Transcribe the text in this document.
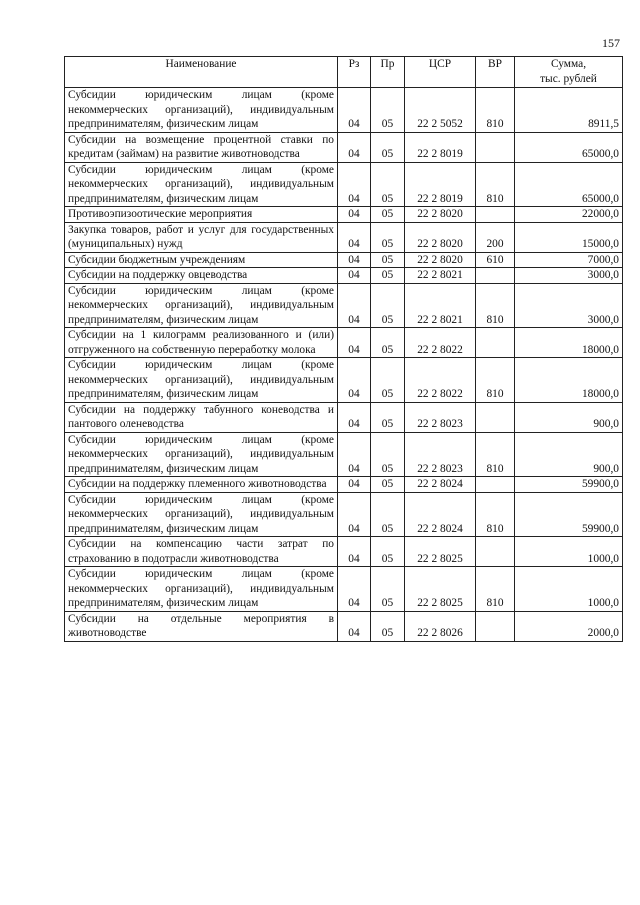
157
Наименование	Рз	Пр	ЦСР	ВР	Сумма,
тыс. рублей
Субсидии юридическим лицам (кроме некоммерческих организаций), индивидуальным предпринимателям, физическим лицам	04	05	22 2 5052	810	8911,5
Субсидии на возмещение процентной ставки по кредитам (займам) на развитие животноводства	04	05	22 2 8019		65000,0
Субсидии юридическим лицам (кроме некоммерческих организаций), индивидуальным предпринимателям, физическим лицам	04	05	22 2 8019	810	65000,0
Противоэпизоотические мероприятия	04	05	22 2 8020		22000,0
Закупка товаров, работ и услуг для государственных (муниципальных) нужд	04	05	22 2 8020	200	15000,0
Субсидии бюджетным учреждениям	04	05	22 2 8020	610	7000,0
Субсидии на поддержку овцеводства	04	05	22 2 8021		3000,0
Субсидии юридическим лицам (кроме некоммерческих организаций), индивидуальным предпринимателям, физическим лицам	04	05	22 2 8021	810	3000,0
Субсидии на 1 килограмм реализованного и (или) отгруженного на собственную переработку молока	04	05	22 2 8022		18000,0
Субсидии юридическим лицам (кроме некоммерческих организаций), индивидуальным предпринимателям, физическим лицам	04	05	22 2 8022	810	18000,0
Субсидии на поддержку табунного коневодства и пантового оленеводства	04	05	22 2 8023		900,0
Субсидии юридическим лицам (кроме некоммерческих организаций), индивидуальным предпринимателям, физическим лицам	04	05	22 2 8023	810	900,0
Субсидии на поддержку племенного животноводства	04	05	22 2 8024		59900,0
Субсидии юридическим лицам (кроме некоммерческих организаций), индивидуальным предпринимателям, физическим лицам	04	05	22 2 8024	810	59900,0
Субсидии на компенсацию части затрат по страхованию в подотрасли животноводства	04	05	22 2 8025		1000,0
Субсидии юридическим лицам (кроме некоммерческих организаций), индивидуальным предпринимателям, физическим лицам	04	05	22 2 8025	810	1000,0
Субсидии на отдельные мероприятия в животноводстве	04	05	22 2 8026		2000,0
